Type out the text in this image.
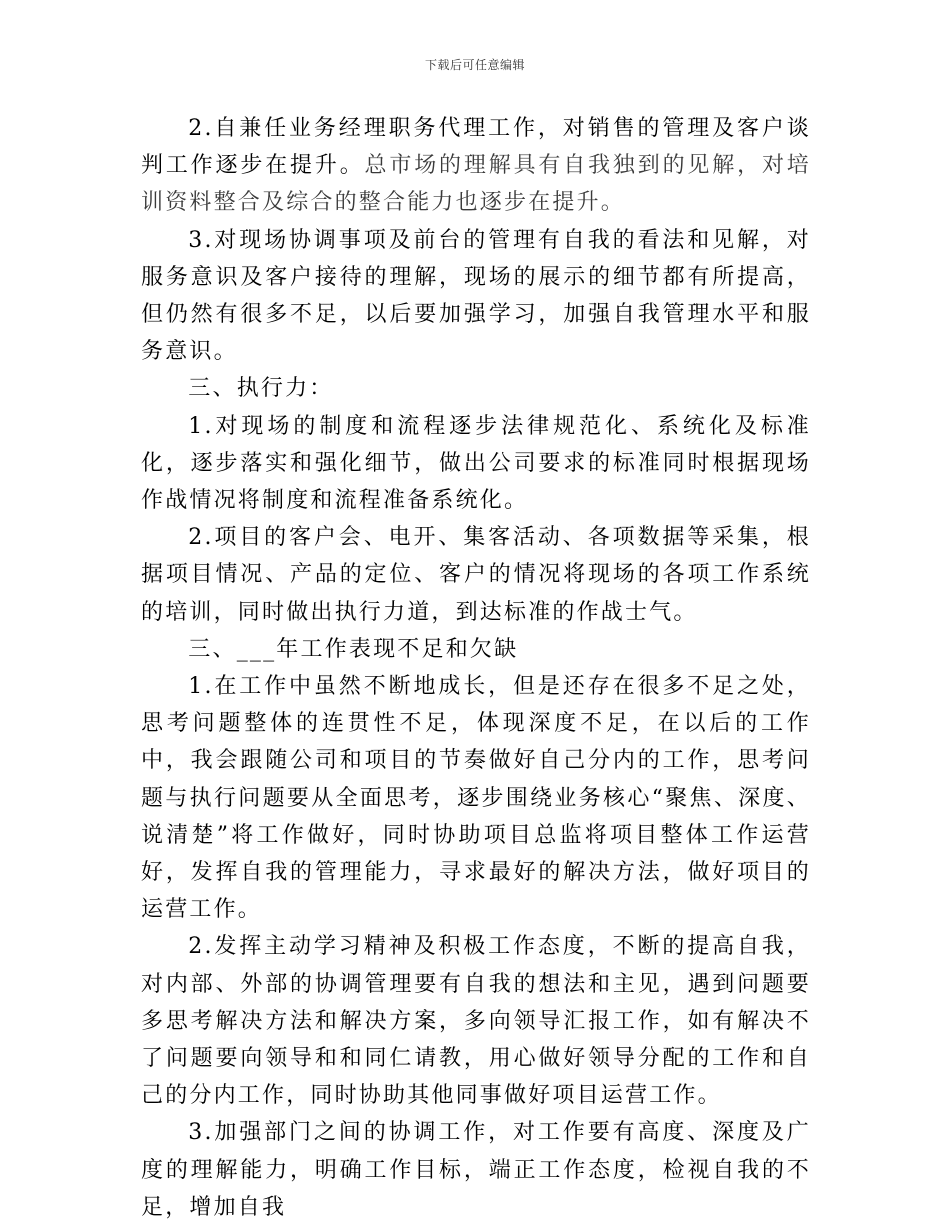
下载后可任意编辑

2.自兼任业务经理职务代理工作，对销售的管理及客户谈判工作逐步在提升。总市场的理解具有自我独到的见解，对培训资料整合及综合的整合能力也逐步在提升。

3.对现场协调事项及前台的管理有自我的看法和见解，对服务意识及客户接待的理解，现场的展示的细节都有所提高，但仍然有很多不足，以后要加强学习，加强自我管理水平和服务意识。

三、执行力：

1.对现场的制度和流程逐步法律规范化、系统化及标准化，逐步落实和强化细节，做出公司要求的标准同时根据现场作战情况将制度和流程准备系统化。

2.项目的客户会、电开、集客活动、各项数据等采集，根据项目情况、产品的定位、客户的情况将现场的各项工作系统的培训，同时做出执行力道，到达标准的作战士气。

三、___年工作表现不足和欠缺

1.在工作中虽然不断地成长，但是还存在很多不足之处，思考问题整体的连贯性不足，体现深度不足，在以后的工作中，我会跟随公司和项目的节奏做好自己分内的工作，思考问题与执行问题要从全面思考，逐步围绕业务核心“聚焦、深度、说清楚”将工作做好，同时协助项目总监将项目整体工作运营好，发挥自我的管理能力，寻求最好的解决方法，做好项目的运营工作。

2.发挥主动学习精神及积极工作态度，不断的提高自我，对内部、外部的协调管理要有自我的想法和主见，遇到问题要多思考解决方法和解决方案，多向领导汇报工作，如有解决不了问题要向领导和和同仁请教，用心做好领导分配的工作和自己的分内工作，同时协助其他同事做好项目运营工作。

3.加强部门之间的协调工作，对工作要有高度、深度及广度的理解能力，明确工作目标，端正工作态度，检视自我的不足，增加自我
